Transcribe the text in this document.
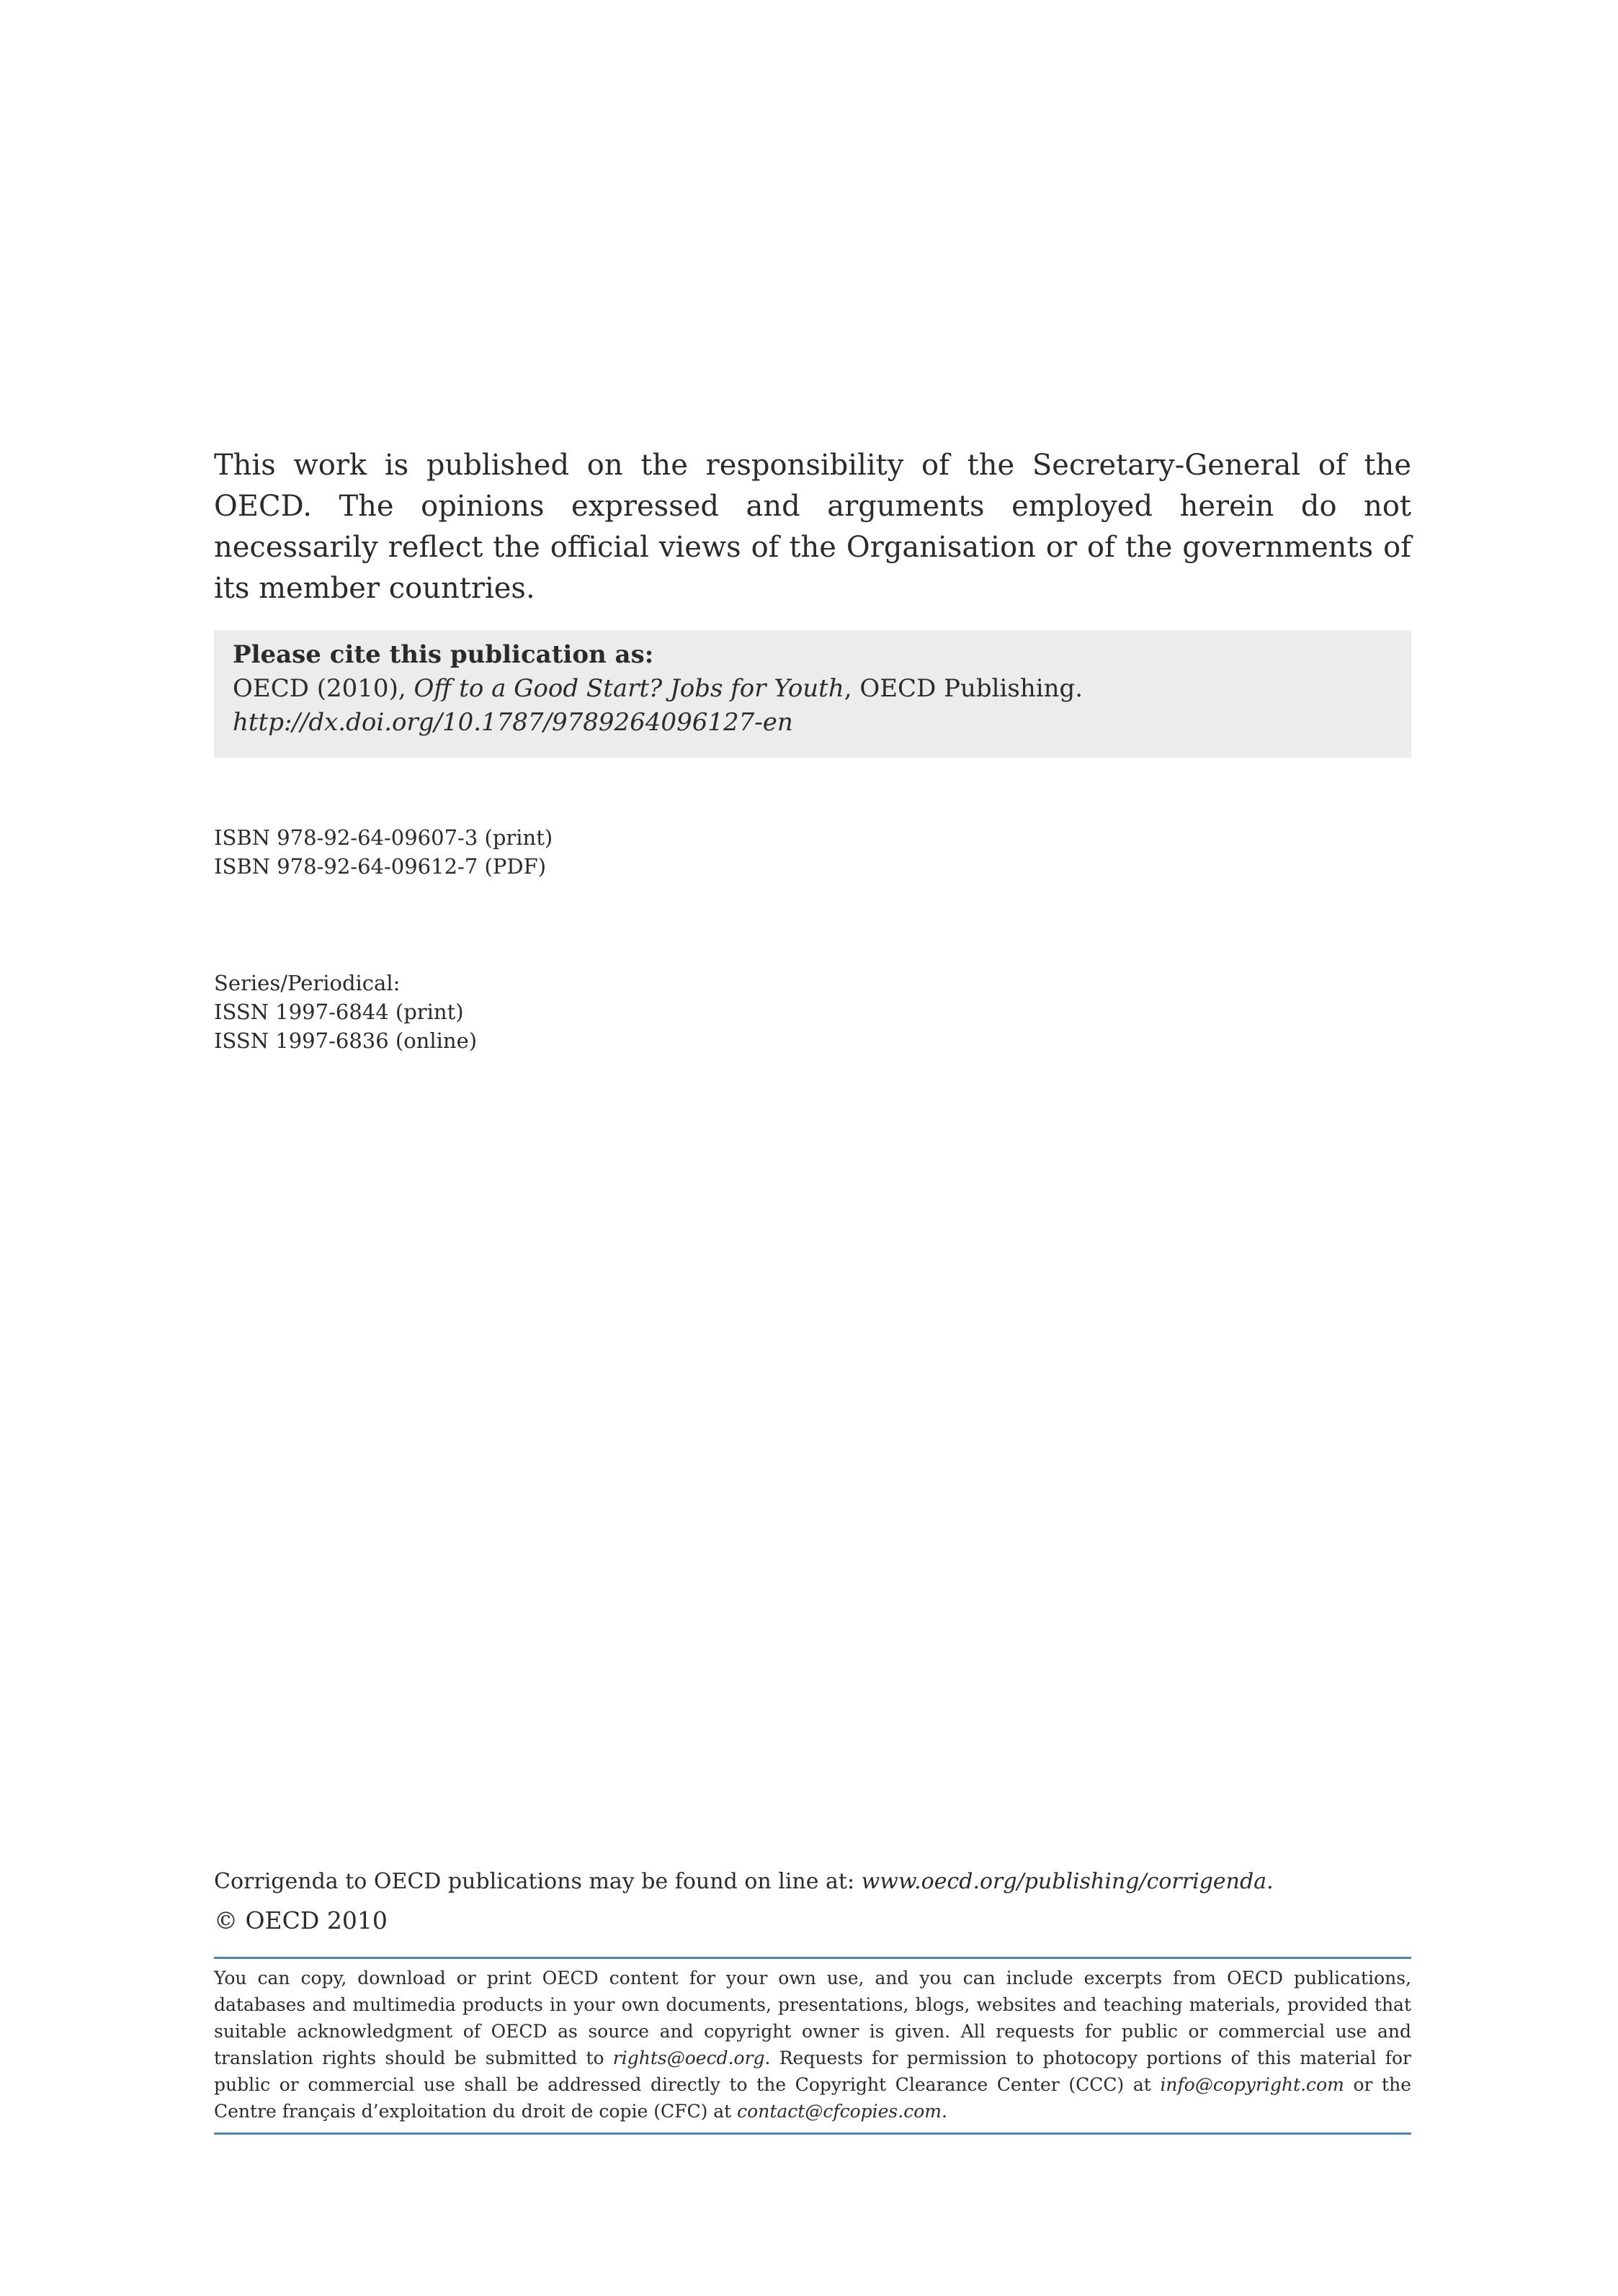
This work is published on the responsibility of the Secretary-General of the OECD. The opinions expressed and arguments employed herein do not necessarily reflect the official views of the Organisation or of the governments of its member countries.

Please cite this publication as:
OECD (2010), Off to a Good Start? Jobs for Youth, OECD Publishing.
http://dx.doi.org/10.1787/9789264096127-en
ISBN 978-92-64-09607-3 (print)
ISBN 978-92-64-09612-7 (PDF)
Series/Periodical:
ISSN 1997-6844 (print)
ISSN 1997-6836 (online)
Corrigenda to OECD publications may be found on line at: www.oecd.org/publishing/corrigenda.
© OECD 2010

You can copy, download or print OECD content for your own use, and you can include excerpts from OECD publications, databases and multimedia products in your own documents, presentations, blogs, websites and teaching materials, provided that suitable acknowledgment of OECD as source and copyright owner is given. All requests for public or commercial use and translation rights should be submitted to rights@oecd.org. Requests for permission to photocopy portions of this material for public or commercial use shall be addressed directly to the Copyright Clearance Center (CCC) at info@copyright.com or the Centre français d’exploitation du droit de copie (CFC) at contact@cfcopies.com.
